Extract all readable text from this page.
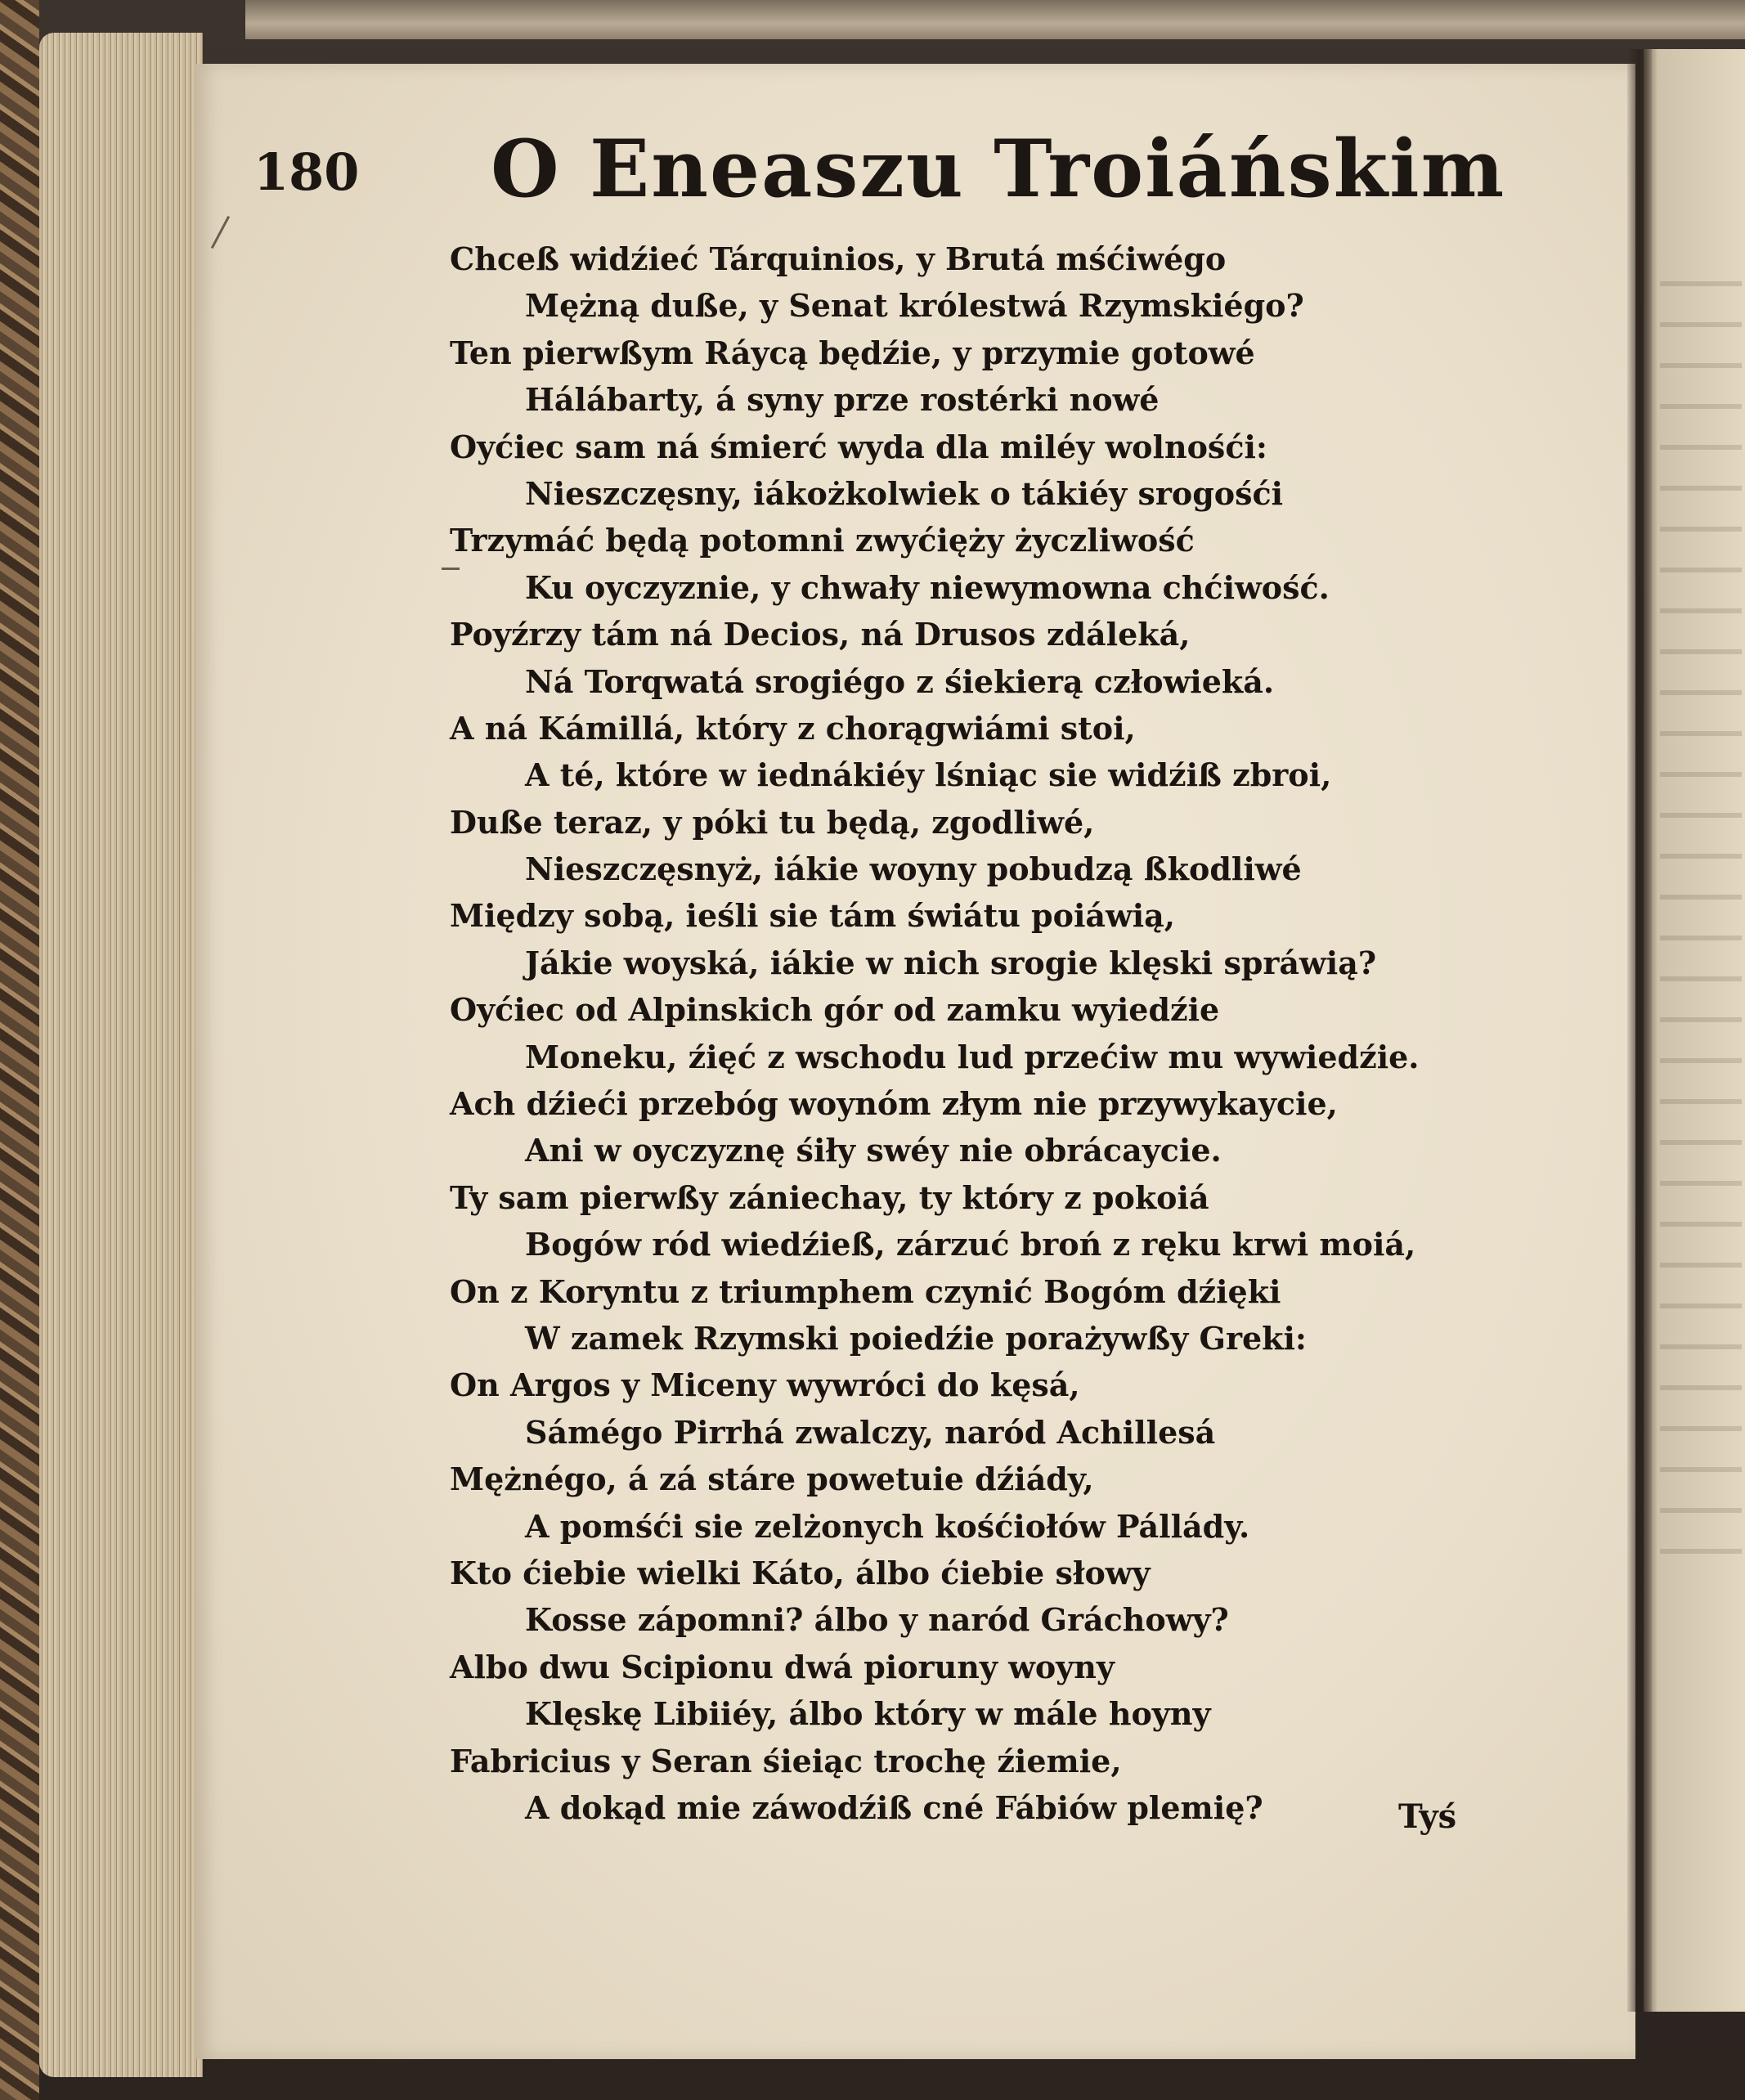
180 O Eneaszu Troiáńskim
Chceß widźieć Tárquinios, y Brutá mśćiwégo
Mężną duße, y Senat królestwá Rzymskiégo?
Ten pierwßym Ráycą będźie, y przymie gotowé
Hálábarty, á syny prze rostérki nowé
Oyćiec sam ná śmierć wyda dla miléy wolnośći:
Nieszczęsny, iákożkolwiek o tákiéy srogośći
Trzymáć będą potomni zwyćięży życzliwość
Ku oyczyznie, y chwały niewymowna chćiwość.
Poyźrzy tám ná Decios, ná Drusos zdáleká,
Ná Torqwatá srogiégo z śiekierą człowieká.
A ná Kámillá, który z chorągwiámi stoi,
A té, które w iednákiéy lśniąc sie widźiß zbroi,
Duße teraz, y póki tu będą, zgodliwé,
Nieszczęsnyż, iákie woyny pobudzą ßkodliwé
Między sobą, ieśli sie tám świátu poiáwią,
Jákie woyská, iákie w nich srogie klęski spráwią?
Oyćiec od Alpinskich gór od zamku wyiedźie
Moneku, źięć z wschodu lud przećiw mu wywiedźie.
Ach dźieći przebóg woynóm złym nie przywykaycie,
Ani w oyczyznę śiły swéy nie obrácaycie.
Ty sam pierwßy zániechay, ty który z pokoiá
Bogów ród wiedźieß, zárzuć broń z ręku krwi moiá,
On z Koryntu z triumphem czynić Bogóm dźięki
W zamek Rzymski poiedźie porażywßy Greki:
On Argos y Miceny wywróci do kęsá,
Sámégo Pirrhá zwalczy, naród Achillesá
Mężnégo, á zá stáre powetuie dźiády,
A pomśći sie zelżonych kośćiołów Pállády.
Kto ćiebie wielki Káto, álbo ćiebie słowy
Kosse zápomni? álbo y naród Gráchowy?
Albo dwu Scipionu dwá pioruny woyny
Klęskę Libiiéy, álbo który w mále hoyny
Fabricius y Seran śieiąc trochę źiemie,
A dokąd mie záwodźiß cné Fábiów plemię?	Tyś
